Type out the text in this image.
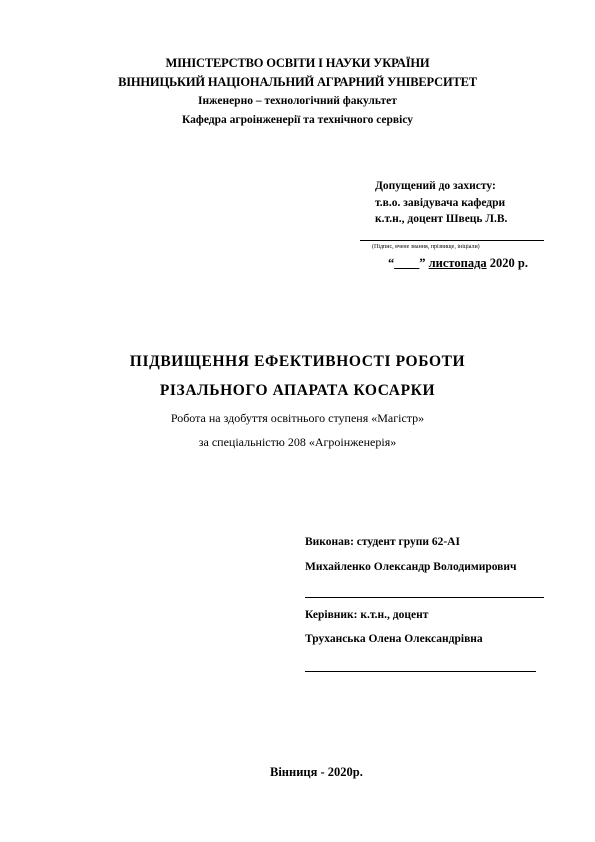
МІНІСТЕРСТВО ОСВІТИ І НАУКИ УКРАЇНИ
ВІННИЦЬКИЙ НАЦІОНАЛЬНИЙ АГРАРНИЙ УНІВЕРСИТЕТ
Інженерно – технологічний факультет
Кафедра агроінженерії та технічного сервісу
Допущений до захисту:
т.в.о. завідувача кафедри
к.т.н., доцент Швець Л.В.
(Підпис, вчене звання, прізвище, ініціали)
“____” листопада 2020 р.
ПІДВИЩЕННЯ ЕФЕКТИВНОСТІ РОБОТИ
РІЗАЛЬНОГО АПАРАТА КОСАРКИ
Робота на здобуття освітнього ступеня «Магістр»
за спеціальністю 208 «Агроінженерія»
Виконав: студент групи 62-АІ
Михайленко Олександр Володимирович
Керівник: к.т.н., доцент
Труханська Олена Олександрівна
Вінниця - 2020р.
